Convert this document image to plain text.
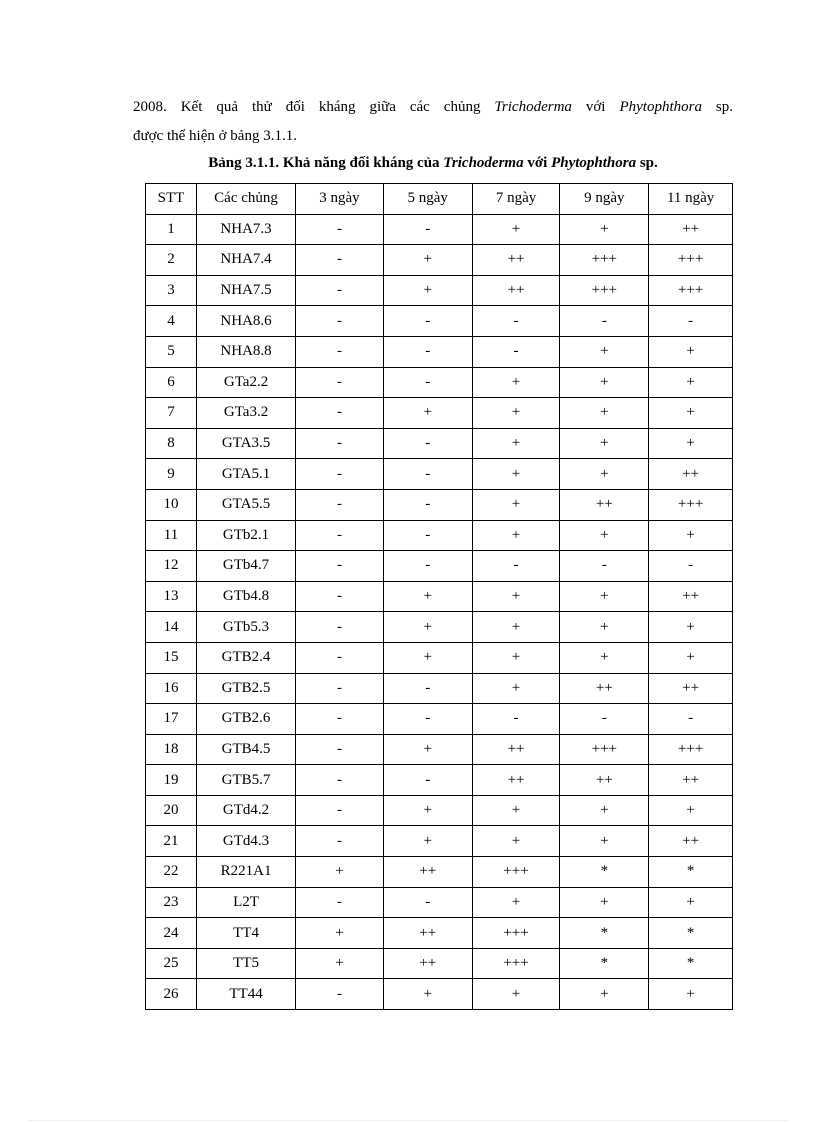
2008. Kết quả thử đối kháng giữa các chủng Trichoderma với Phytophthora sp.
được thể hiện ở bảng 3.1.1.
Bảng 3.1.1. Khả năng đối kháng của Trichoderma với Phytophthora sp.
STT	Các chủng	3 ngày	5 ngày	7 ngày	9 ngày	11 ngày
1	NHA7.3	-	-	+	+	++
2	NHA7.4	-	+	++	+++	+++
3	NHA7.5	-	+	++	+++	+++
4	NHA8.6	-	-	-	-	-
5	NHA8.8	-	-	-	+	+
6	GTa2.2	-	-	+	+	+
7	GTa3.2	-	+	+	+	+
8	GTA3.5	-	-	+	+	+
9	GTA5.1	-	-	+	+	++
10	GTA5.5	-	-	+	++	+++
11	GTb2.1	-	-	+	+	+
12	GTb4.7	-	-	-	-	-
13	GTb4.8	-	+	+	+	++
14	GTb5.3	-	+	+	+	+
15	GTB2.4	-	+	+	+	+
16	GTB2.5	-	-	+	++	++
17	GTB2.6	-	-	-	-	-
18	GTB4.5	-	+	++	+++	+++
19	GTB5.7	-	-	++	++	++
20	GTd4.2	-	+	+	+	+
21	GTd4.3	-	+	+	+	++
22	R221A1	+	++	+++	*	*
23	L2T	-	-	+	+	+
24	TT4	+	++	+++	*	*
25	TT5	+	++	+++	*	*
26	TT44	-	+	+	+	+
